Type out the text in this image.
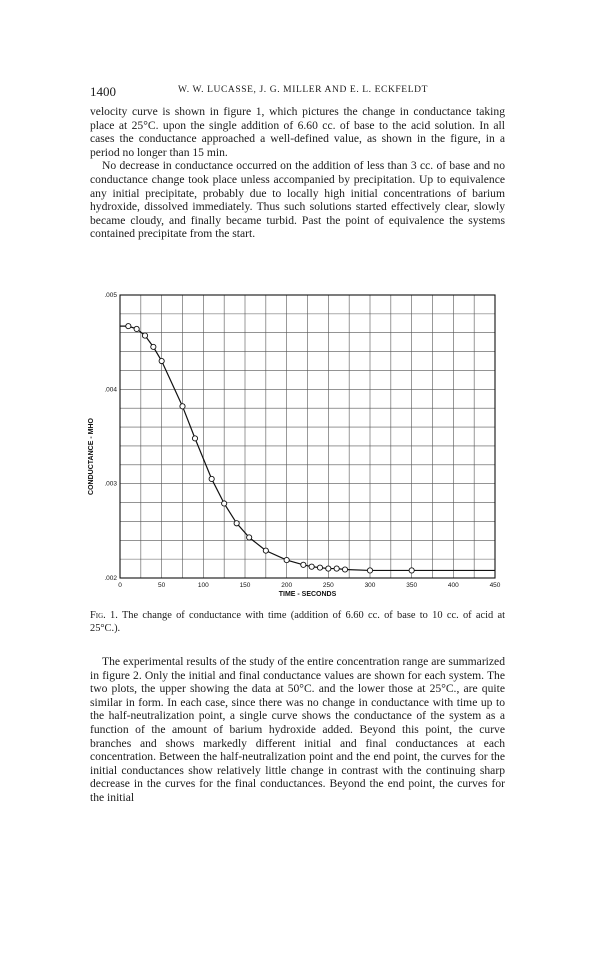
1400	W. W. LUCASSE, J. G. MILLER AND E. L. ECKFELDT

velocity curve is shown in figure 1, which pictures the change in conductance taking place at 25°C. upon the single addition of 6.60 cc. of base to the acid solution. In all cases the conductance approached a well-defined value, as shown in the figure, in a period no longer than 15 min.

No decrease in conductance occurred on the addition of less than 3 cc. of base and no conductance change took place unless accompanied by precipitation. Up to equivalence any initial precipitate, probably due to locally high initial concentrations of barium hydroxide, dissolved immediately. Thus such solutions started effectively clear, slowly became cloudy, and finally became turbid. Past the point of equivalence the systems contained precipitate from the start.

0	50	100	150	200	250	300	350	400	450
.002
.003
.004
.005
TIME - SECONDS
CONDUCTANCE - MHO
Fig. 1. The change of conductance with time (addition of 6.60 cc. of base to 10 cc. of acid at 25°C.).

The experimental results of the study of the entire concentration range are summarized in figure 2. Only the initial and final conductance values are shown for each system. The two plots, the upper showing the data at 50°C. and the lower those at 25°C., are quite similar in form. In each case, since there was no change in conductance with time up to the half-neutralization point, a single curve shows the conductance of the system as a function of the amount of barium hydroxide added. Beyond this point, the curve branches and shows markedly different initial and final conductances at each concentration. Between the half-neutralization point and the end point, the curves for the initial conductances show relatively little change in contrast with the continuing sharp decrease in the curves for the final conductances. Beyond the end point, the curves for the initial
